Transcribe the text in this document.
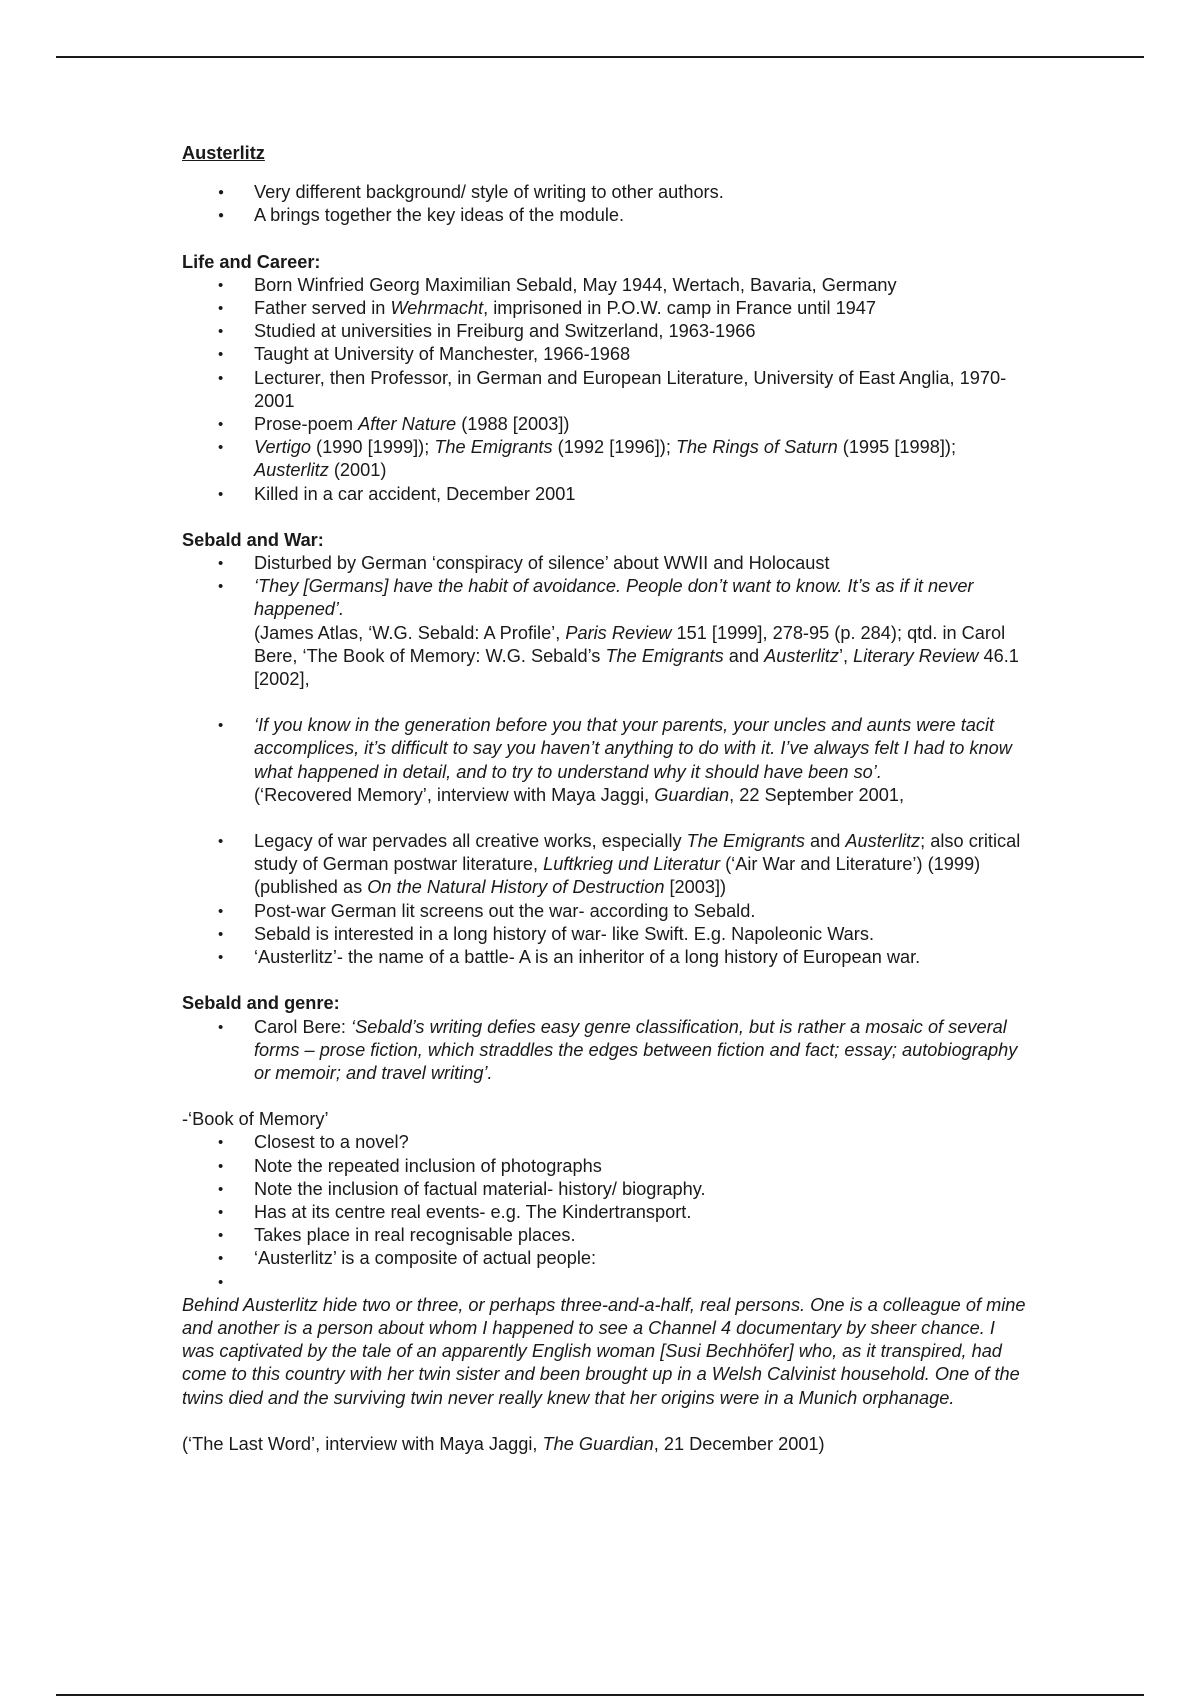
Austerlitz
● Very different background/ style of writing to other authors.
● A brings together the key ideas of the module.
Life and Career:
• Born Winfried Georg Maximilian Sebald, May 1944, Wertach, Bavaria, Germany
• Father served in Wehrmacht, imprisoned in P.O.W. camp in France until 1947
• Studied at universities in Freiburg and Switzerland, 1963-1966
• Taught at University of Manchester, 1966-1968
• Lecturer, then Professor, in German and European Literature, University of East Anglia, 1970-2001
• Prose-poem After Nature (1988 [2003])
• Vertigo (1990 [1999]); The Emigrants (1992 [1996]); The Rings of Saturn (1995 [1998]); Austerlitz (2001)
• Killed in a car accident, December 2001
Sebald and War:
• Disturbed by German ‘conspiracy of silence’ about WWII and Holocaust
• ‘They [Germans] have the habit of avoidance. People don’t want to know. It’s as if it never happened’.
(James Atlas, ‘W.G. Sebald: A Profile’, Paris Review 151 [1999], 278-95 (p. 284); qtd. in Carol Bere, ‘The Book of Memory: W.G. Sebald’s The Emigrants and Austerlitz’, Literary Review 46.1 [2002],
• ‘If you know in the generation before you that your parents, your uncles and aunts were tacit accomplices, it’s difficult to say you haven’t anything to do with it. I’ve always felt I had to know what happened in detail, and to try to understand why it should have been so’.
(‘Recovered Memory’, interview with Maya Jaggi, Guardian, 22 September 2001,
• Legacy of war pervades all creative works, especially The Emigrants and Austerlitz; also critical study of German postwar literature, Luftkrieg und Literatur (‘Air War and Literature’) (1999) (published as On the Natural History of Destruction [2003])
• Post-war German lit screens out the war- according to Sebald.
• Sebald is interested in a long history of war- like Swift. E.g. Napoleonic Wars.
• ‘Austerlitz’- the name of a battle- A is an inheritor of a long history of European war.
Sebald and genre:
• Carol Bere: ‘Sebald’s writing defies easy genre classification, but is rather a mosaic of several forms – prose fiction, which straddles the edges between fiction and fact; essay; autobiography or memoir; and travel writing’.
-‘Book of Memory’
• Closest to a novel?
• Note the repeated inclusion of photographs
• Note the inclusion of factual material- history/ biography.
• Has at its centre real events- e.g. The Kindertransport.
• Takes place in real recognisable places.
• ‘Austerlitz’ is a composite of actual people:
•
Behind Austerlitz hide two or three, or perhaps three-and-a-half, real persons. One is a colleague of mine and another is a person about whom I happened to see a Channel 4 documentary by sheer chance. I was captivated by the tale of an apparently English woman [Susi Bechhöfer] who, as it transpired, had come to this country with her twin sister and been brought up in a Welsh Calvinist household. One of the twins died and the surviving twin never really knew that her origins were in a Munich orphanage.
(‘The Last Word’, interview with Maya Jaggi, The Guardian, 21 December 2001)
